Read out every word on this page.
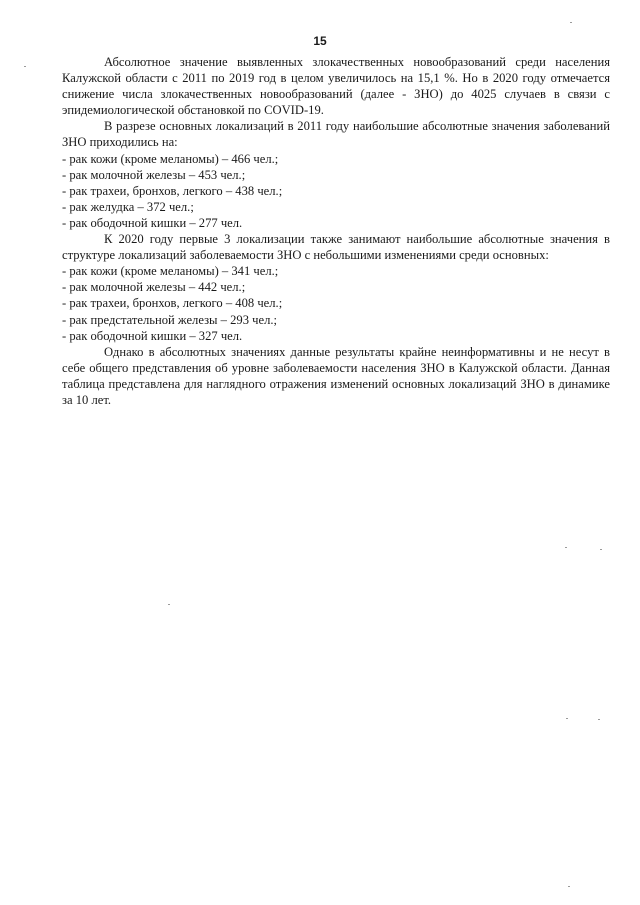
15

Абсолютное значение выявленных злокачественных новообразований среди населения Калужской области с 2011 по 2019 год в целом увеличилось на 15,1 %. Но в 2020 году отмечается снижение числа злокачественных новообразований (далее - ЗНО) до 4025 случаев в связи с эпидемиологической обстановкой по COVID-19.

В разрезе основных локализаций в 2011 году наибольшие абсолютные значения заболеваний ЗНО приходились на:

- рак кожи (кроме меланомы) – 466 чел.;
- рак молочной железы – 453 чел.;
- рак трахеи, бронхов, легкого – 438 чел.;
- рак желудка – 372 чел.;
- рак ободочной кишки – 277 чел.

К 2020 году первые 3 локализации также занимают наибольшие абсолютные значения в структуре локализаций заболеваемости ЗНО с небольшими изменениями среди основных:

- рак кожи (кроме меланомы) – 341 чел.;
- рак молочной железы – 442 чел.;
- рак трахеи, бронхов, легкого – 408 чел.;
- рак предстательной железы – 293 чел.;
- рак ободочной кишки – 327 чел.

Однако в абсолютных значениях данные результаты крайне неинформативны и не несут в себе общего представления об уровне заболеваемости населения ЗНО в Калужской области. Данная таблица представлена для наглядного отражения изменений основных локализаций ЗНО в динамике за 10 лет.
